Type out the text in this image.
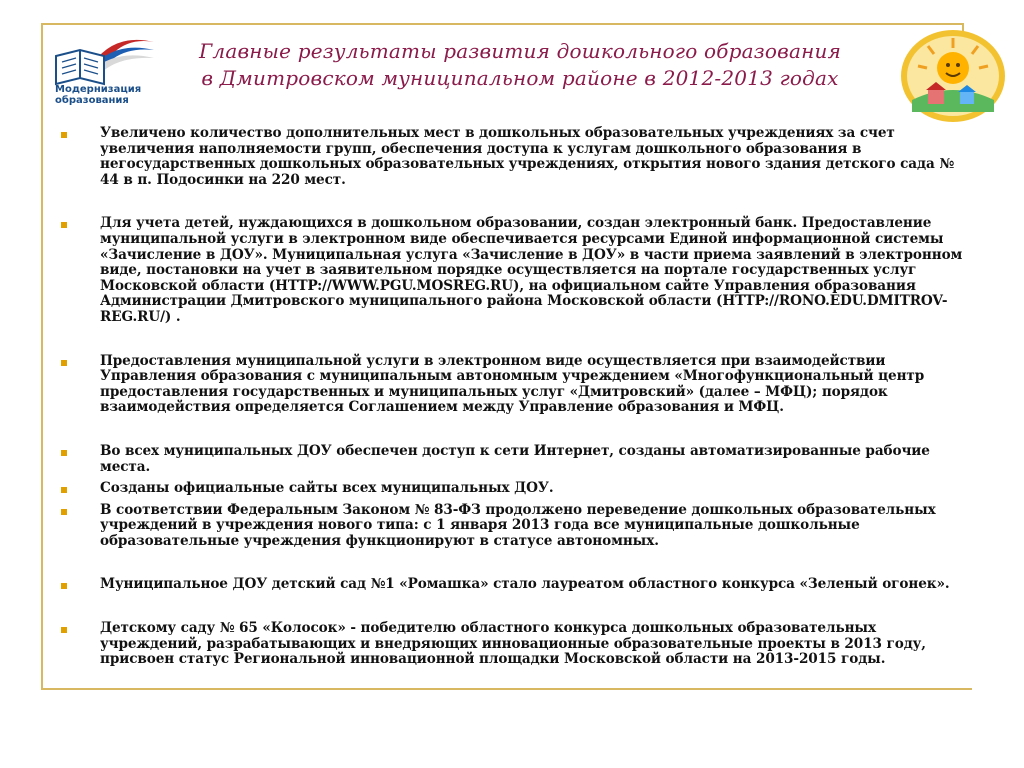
Модернизация
образования
Главные результаты развития дошкольного образования
в Дмитровском муниципальном районе в 2012-2013 годах
Увеличено количество дополнительных мест в дошкольных образовательных учреждениях за счет увеличения наполняемости групп, обеспечения доступа к услугам дошкольного образования в негосударственных дошкольных образовательных учреждениях, открытия нового здания детского сада № 44 в п. Подосинки на 220 мест.
Для учета детей, нуждающихся в дошкольном образовании, создан электронный банк. Предоставление муниципальной услуги в электронном виде обеспечивается ресурсами Единой информационной системы «Зачисление в ДОУ». Муниципальная услуга «Зачисление в ДОУ» в части приема заявлений в электронном виде, постановки на учет в заявительном порядке осуществляется на портале государственных услуг Московской области (HTTP://WWW.PGU.MOSREG.RU), на официальном сайте Управления образования Администрации Дмитровского муниципального района Московской области (HTTP://RONO.EDU.DMITROV-REG.RU/) .
Предоставления муниципальной услуги в электронном виде осуществляется при взаимодействии Управления образования с муниципальным автономным учреждением «Многофункциональный центр предоставления государственных и муниципальных услуг «Дмитровский» (далее – МФЦ); порядок взаимодействия определяется Соглашением между Управление образования и МФЦ.
Во всех муниципальных ДОУ обеспечен доступ к сети Интернет, созданы автоматизированные рабочие места.
Созданы официальные сайты всех муниципальных ДОУ.
В соответствии Федеральным Законом № 83-ФЗ продолжено переведение дошкольных образовательных учреждений в учреждения нового типа: с 1 января 2013 года все муниципальные дошкольные образовательные учреждения функционируют в статусе автономных.
Муниципальное ДОУ детский сад №1 «Ромашка» стало лауреатом областного конкурса «Зеленый огонек».
Детскому саду № 65 «Колосок» - победителю областного конкурса дошкольных образовательных учреждений, разрабатывающих и внедряющих инновационные образовательные проекты в 2013 году, присвоен статус Региональной инновационной площадки Московской области на 2013-2015 годы.
